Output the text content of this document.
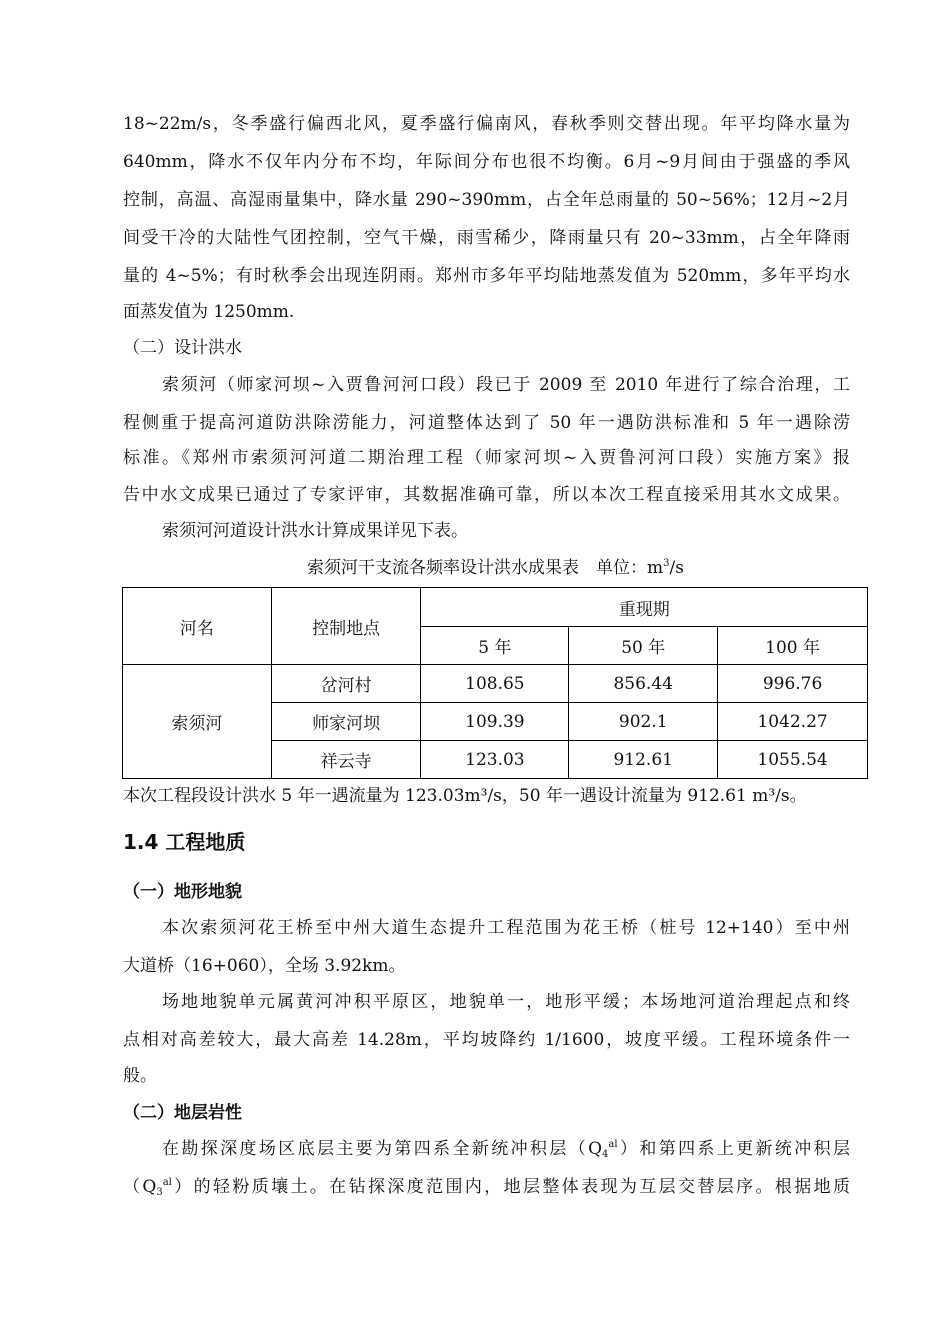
18~22m/s，冬季盛行偏西北风，夏季盛行偏南风，春秋季则交替出现。年平均降水量为
640mm，降水不仅年内分布不均，年际间分布也很不均衡。6月~9月间由于强盛的季风
控制，高温、高湿雨量集中，降水量 290~390mm，占全年总雨量的 50~56%；12月~2月
间受干冷的大陆性气团控制，空气干燥，雨雪稀少，降雨量只有 20~33mm，占全年降雨
量的 4~5%；有时秋季会出现连阴雨。郑州市多年平均陆地蒸发值为 520mm，多年平均水
面蒸发值为 1250mm.
（二）设计洪水
索须河（师家河坝~入贾鲁河河口段）段已于 2009 至 2010 年进行了综合治理，工
程侧重于提高河道防洪除涝能力，河道整体达到了 50 年一遇防洪标准和 5 年一遇除涝
标准。《郑州市索须河河道二期治理工程（师家河坝~入贾鲁河河口段）实施方案》报
告中水文成果已通过了专家评审，其数据准确可靠，所以本次工程直接采用其水文成果。
索须河河道设计洪水计算成果详见下表。
索须河干支流各频率设计洪水成果表　单位：$m^3/s$
河名	控制地点	重现期		
		5 年	50 年	100 年
索须河	岔河村	108.65	856.44	996.76
	师家河坝	109.39	902.1	1042.27
	祥云寺	123.03	912.61	1055.54
本次工程段设计洪水 5 年一遇流量为 123.03m³/s，50 年一遇设计流量为 912.61 m³/s。
1.4 工程地质
（一）地形地貌
本次索须河花王桥至中州大道生态提升工程范围为花王桥（桩号 12+140）至中州
大道桥（16+060），全场 3.92km。
场地地貌单元属黄河冲积平原区，地貌单一，地形平缓；本场地河道治理起点和终
点相对高差较大，最大高差 14.28m，平均坡降约 1/1600，坡度平缓。工程环境条件一
般。
（二）地层岩性
在勘探深度场区底层主要为第四系全新统冲积层$(Q_4^{al})$和第四系上更新统冲积层
$(Q_3^{al})$的轻粉质壤土。在钻探深度范围内，地层整体表现为互层交替层序。根据地质
